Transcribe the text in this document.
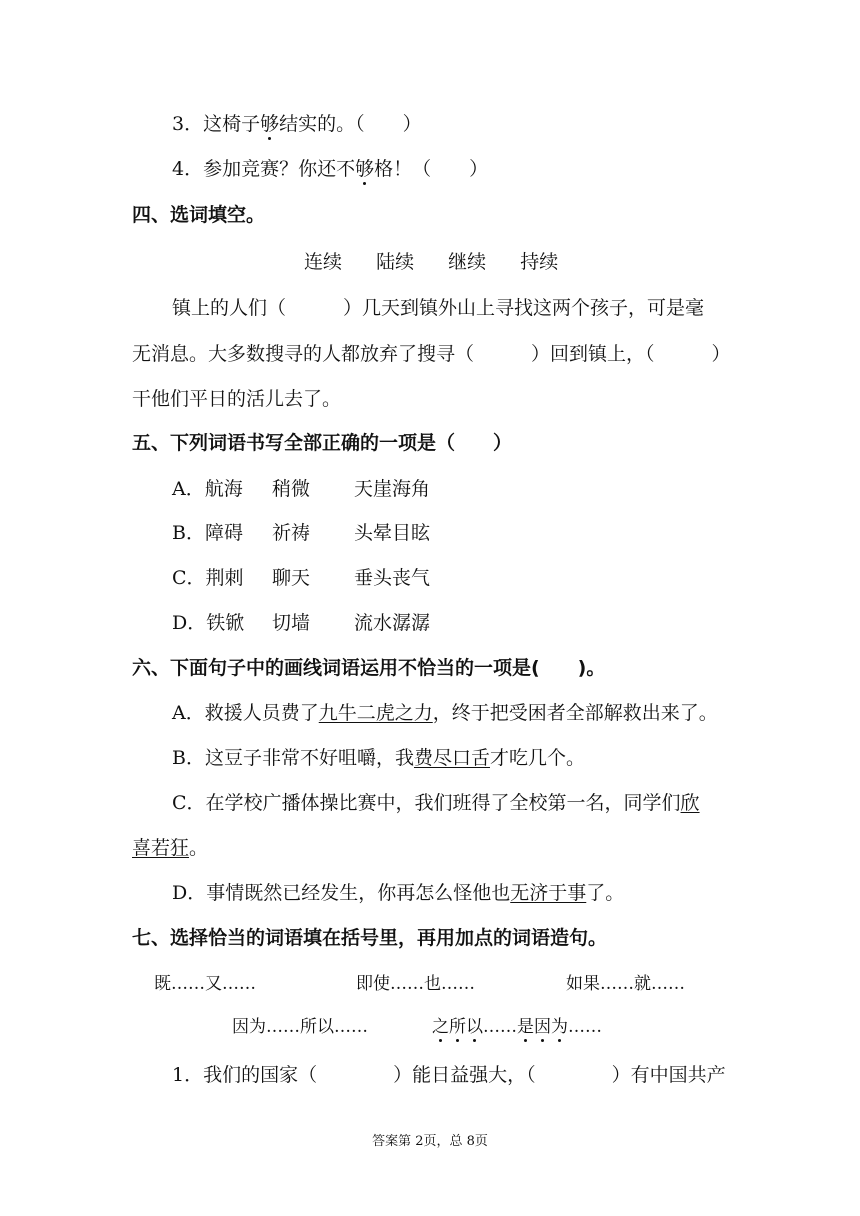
3．这椅子够结实的。（　　）
4．参加竞赛？你还不够格！（　　）
四、选词填空。
连续 陆续 继续 持续
镇上的人们（　　　）几天到镇外山上寻找这两个孩子，可是毫
无消息。大多数搜寻的人都放弃了搜寻（　　　）回到镇上，（　　　）
干他们平日的活儿去了。
五、下列词语书写全部正确的一项是（　　）
A．航海 稍微 天崖海角
B．障碍 祈祷 头晕目眩
C．荆刺 聊天 垂头丧气
D．铁锨 切墙 流水潺潺
六、下面句子中的画线词语运用不恰当的一项是(　　)。
A．救援人员费了九牛二虎之力，终于把受困者全部解救出来了。
B．这豆子非常不好咀嚼，我费尽口舌才吃几个。
C．在学校广播体操比赛中，我们班得了全校第一名，同学们欣
喜若狂。
D．事情既然已经发生，你再怎么怪他也无济于事了。
七、选择恰当的词语填在括号里，再用加点的词语造句。
既……又……	即使……也……	如果……就……
因为……所以……	之所以……是因为……
1．我们的国家（　　　　）能日益强大，（　　　　）有中国共产
答案第 2页，总 8页
